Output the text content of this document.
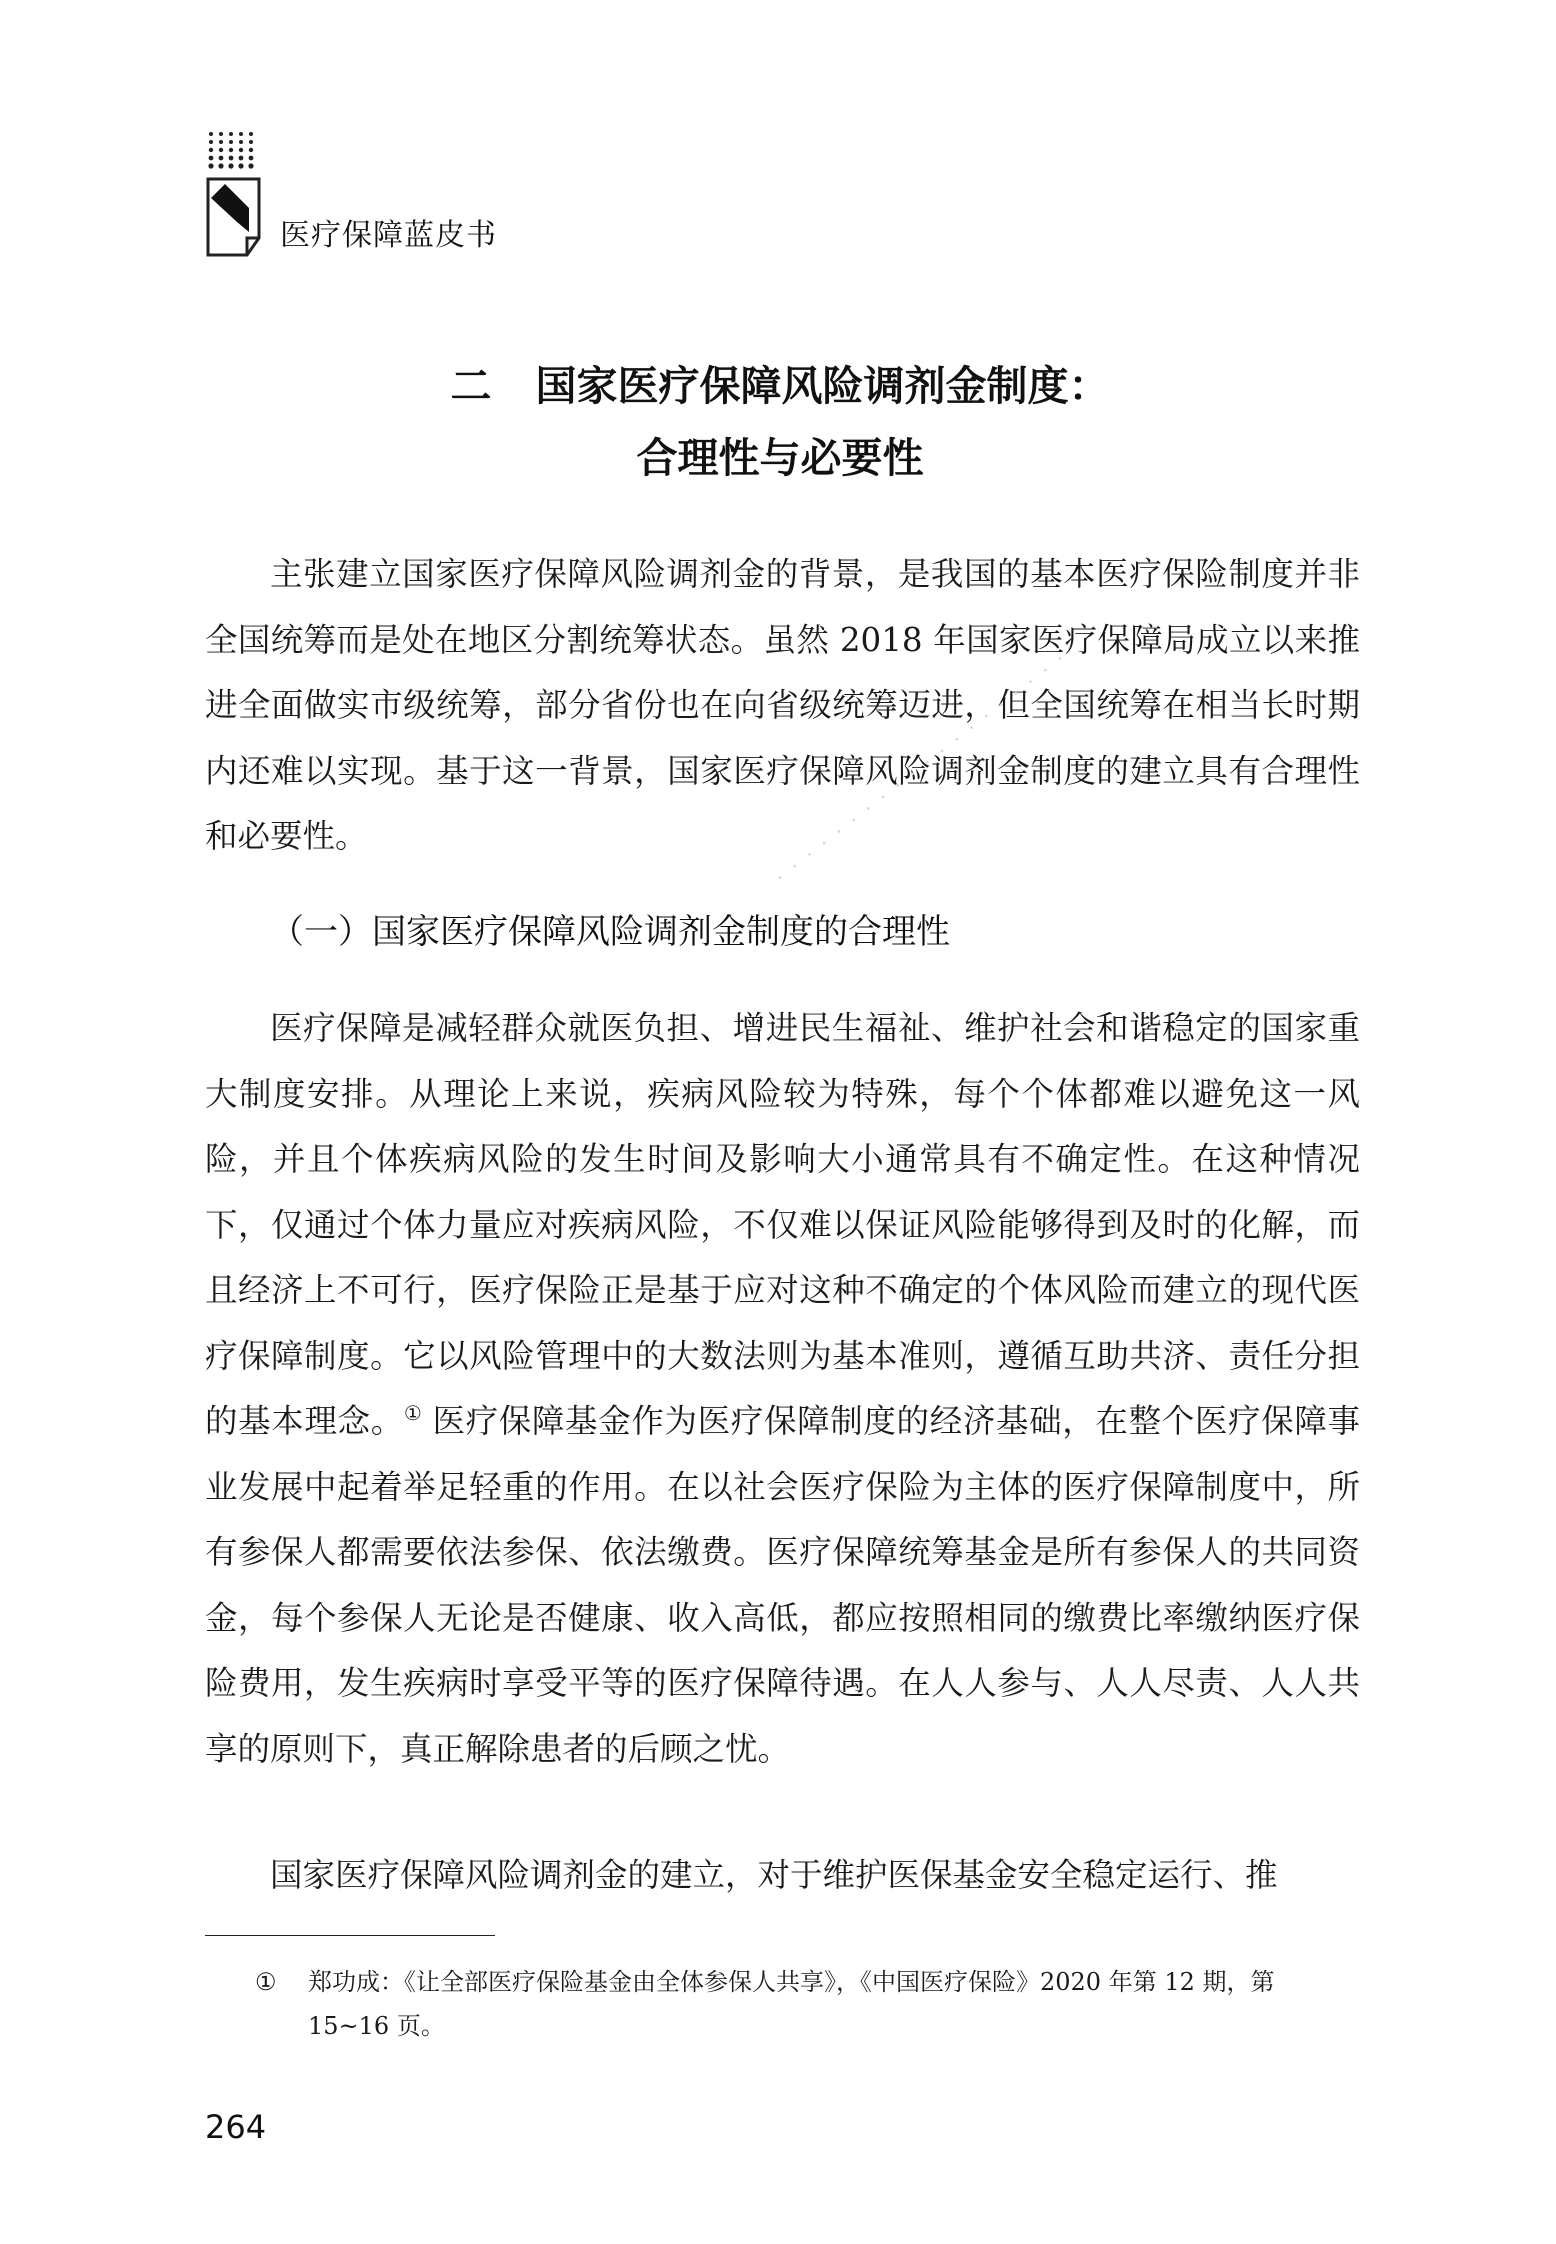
医疗保障蓝皮书
二 国家医疗保障风险调剂金制度：
合理性与必要性

主张建立国家医疗保障风险调剂金的背景，是我国的基本医疗保险制度并非全国统筹而是处在地区分割统筹状态。虽然 2018 年国家医疗保障局成立以来推进全面做实市级统筹，部分省份也在向省级统筹迈进，但全国统筹在相当长时期内还难以实现。基于这一背景，国家医疗保障风险调剂金制度的建立具有合理性和必要性。

（一）国家医疗保障风险调剂金制度的合理性

医疗保障是减轻群众就医负担、增进民生福祉、维护社会和谐稳定的国家重大制度安排。从理论上来说，疾病风险较为特殊，每个个体都难以避免这一风险，并且个体疾病风险的发生时间及影响大小通常具有不确定性。在这种情况下，仅通过个体力量应对疾病风险，不仅难以保证风险能够得到及时的化解，而且经济上不可行，医疗保险正是基于应对这种不确定的个体风险而建立的现代医疗保障制度。它以风险管理中的大数法则为基本准则，遵循互助共济、责任分担的基本理念。① 医疗保障基金作为医疗保障制度的经济基础，在整个医疗保障事业发展中起着举足轻重的作用。在以社会医疗保险为主体的医疗保障制度中，所有参保人都需要依法参保、依法缴费。医疗保障统筹基金是所有参保人的共同资金，每个参保人无论是否健康、收入高低，都应按照相同的缴费比率缴纳医疗保险费用，发生疾病时享受平等的医疗保障待遇。在人人参与、人人尽责、人人共享的原则下，真正解除患者的后顾之忧。

国家医疗保障风险调剂金的建立，对于维护医保基金安全稳定运行、推

①	郑功成：《让全部医疗保险基金由全体参保人共享》，《中国医疗保险》2020 年第 12 期，第
15~16 页。
264
· · · · · · · · · · · · · · · · · · · ·
